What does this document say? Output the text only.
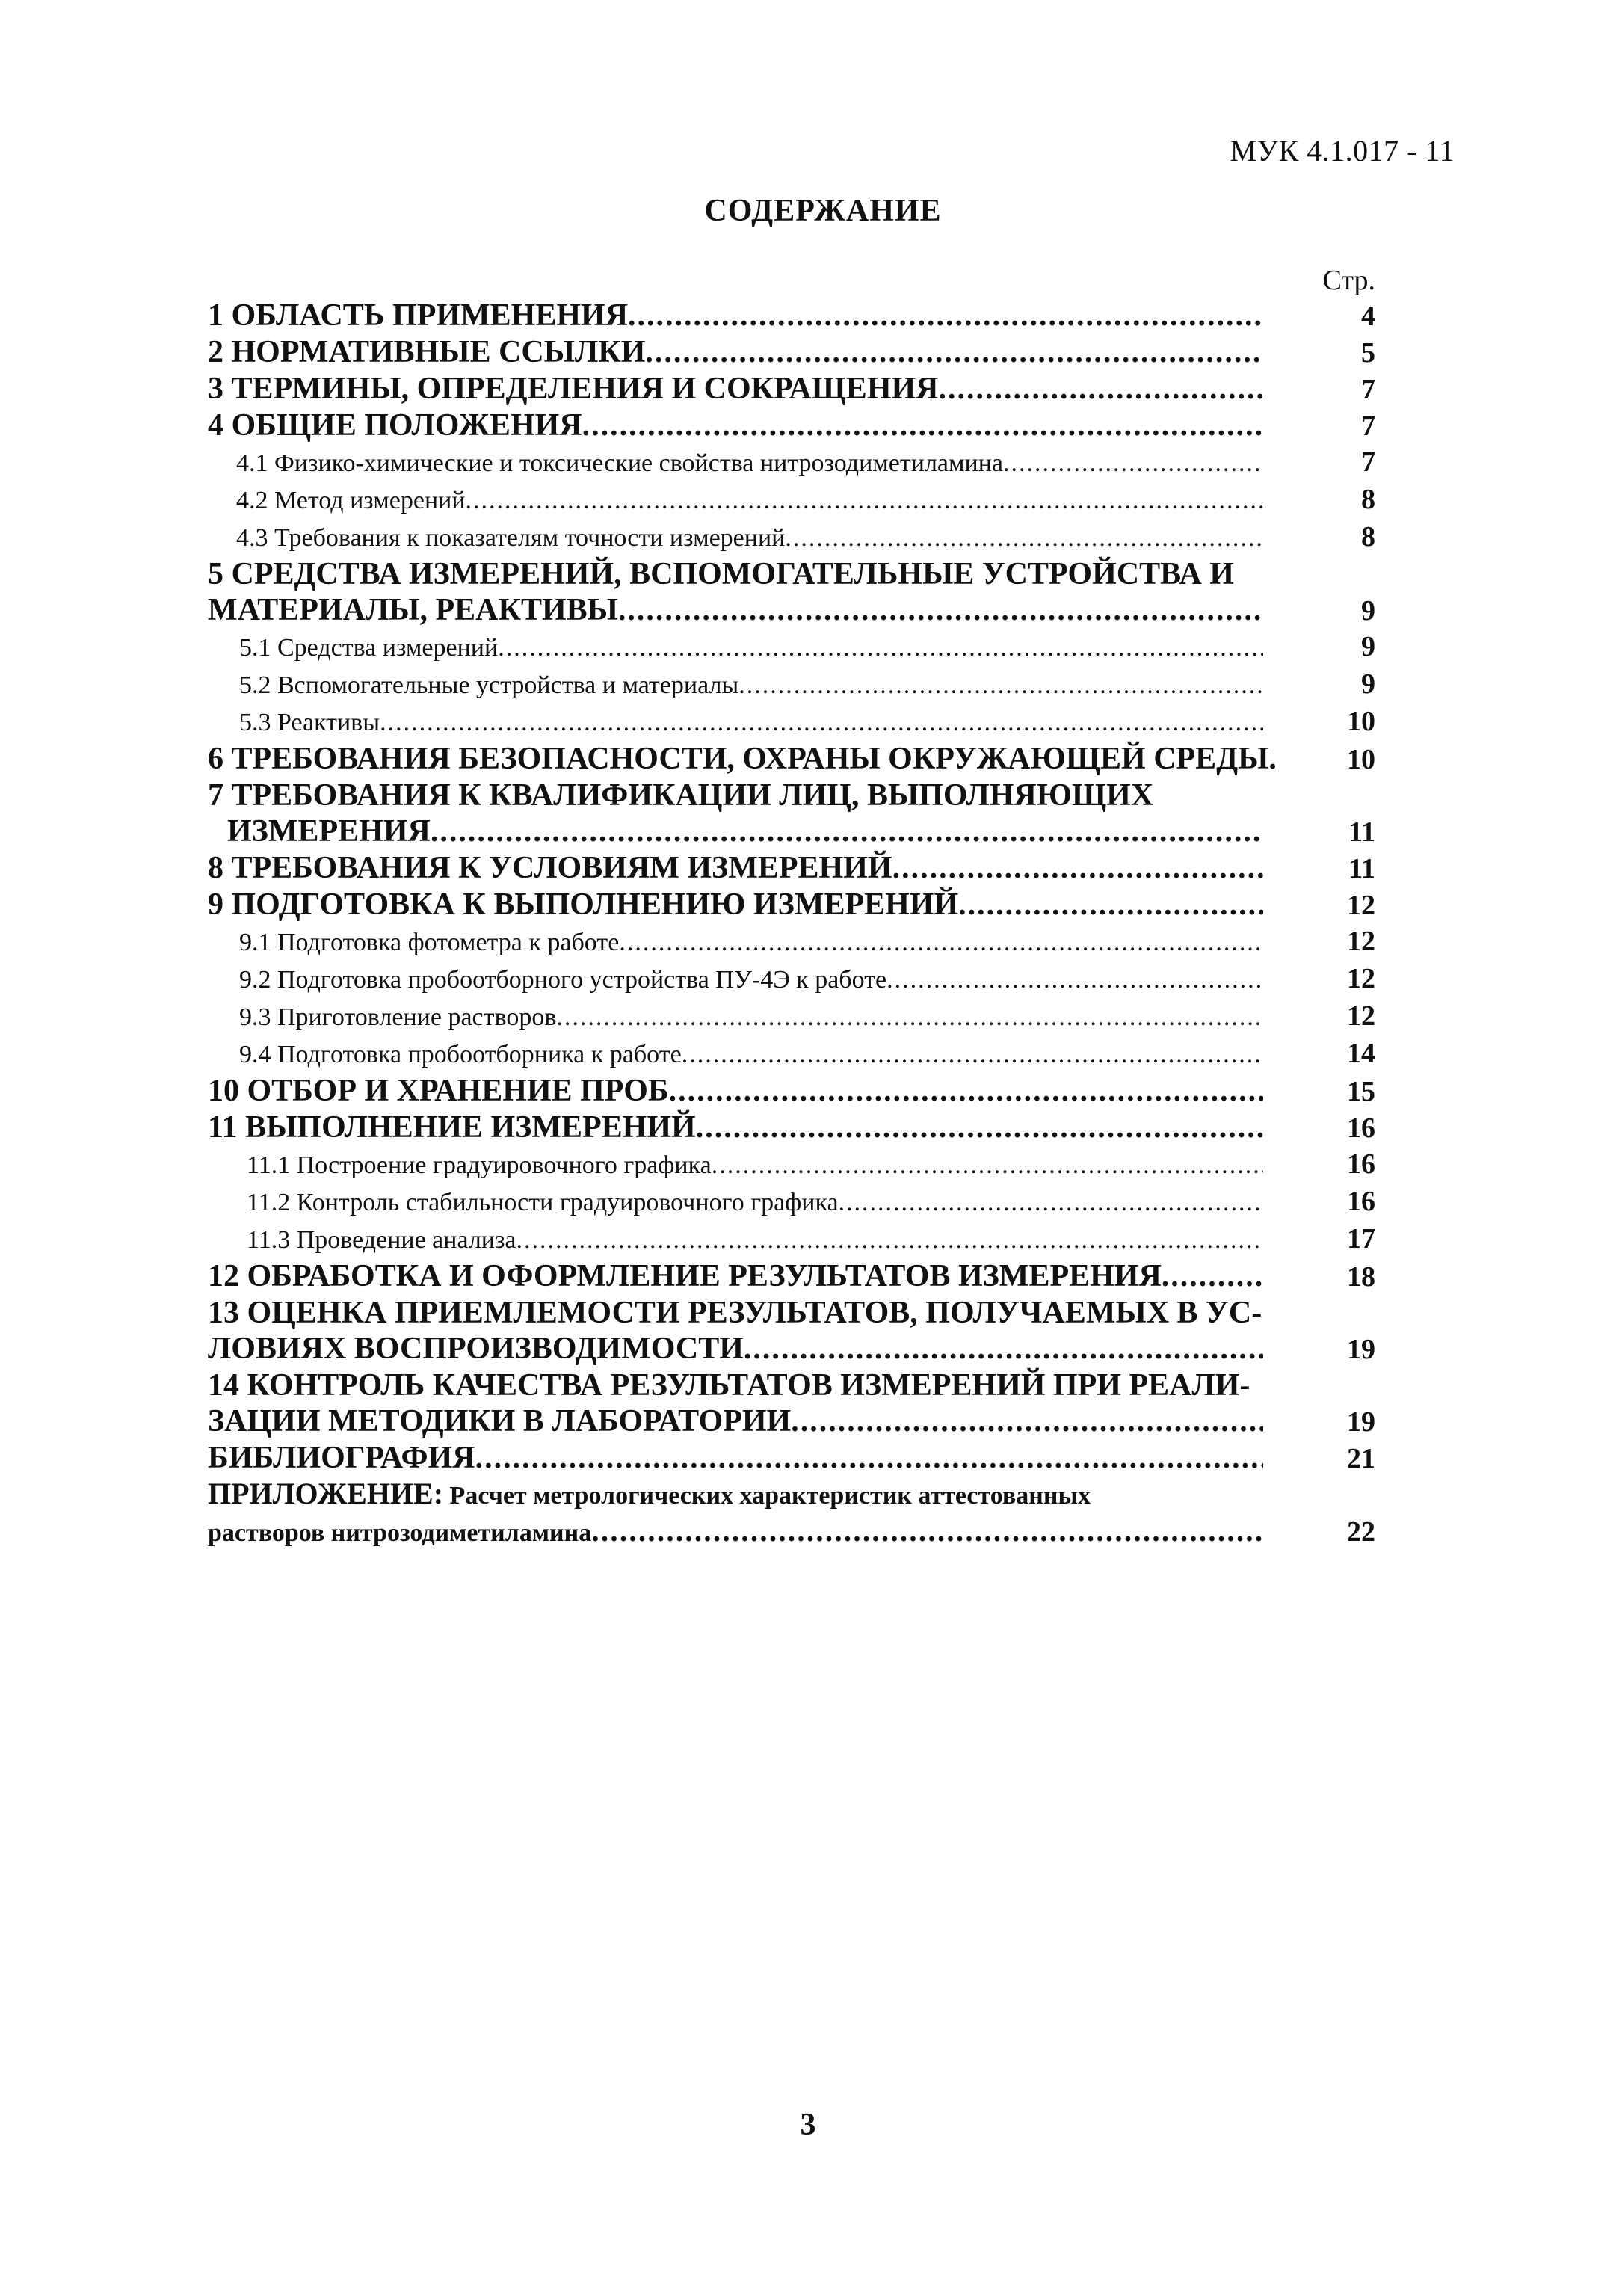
МУК 4.1.017 - 11
СОДЕРЖАНИЕ
Стр.
1 ОБЛАСТЬ ПРИМЕНЕНИЯ .....	4
2 НОРМАТИВНЫЕ ССЫЛКИ .....	5
3 ТЕРМИНЫ, ОПРЕДЕЛЕНИЯ И СОКРАЩЕНИЯ .....	7
4 ОБЩИЕ ПОЛОЖЕНИЯ .....	7
4.1 Физико-химические и токсические свойства нитрозодиметиламина .....	7
4.2 Метод измерений .....	8
4.3 Требования к показателям точности измерений .....	8
5 СРЕДСТВА ИЗМЕРЕНИЙ, ВСПОМОГАТЕЛЬНЫЕ УСТРОЙСТВА И
МАТЕРИАЛЫ, РЕАКТИВЫ .....	9
5.1 Средства измерений .....	9
5.2 Вспомогательные устройства и материалы .....	9
5.3 Реактивы .....	10
6 ТРЕБОВАНИЯ БЕЗОПАСНОСТИ, ОХРАНЫ ОКРУЖАЮЩЕЙ СРЕДЫ.	10
7 ТРЕБОВАНИЯ К КВАЛИФИКАЦИИ ЛИЦ, ВЫПОЛНЯЮЩИХ
ИЗМЕРЕНИЯ .....	11
8 ТРЕБОВАНИЯ К УСЛОВИЯМ ИЗМЕРЕНИЙ .....	11
9 ПОДГОТОВКА К ВЫПОЛНЕНИЮ ИЗМЕРЕНИЙ .....	12
9.1 Подготовка фотометра к работе .....	12
9.2 Подготовка пробоотборного устройства ПУ-4Э к работе .....	12
9.3 Приготовление растворов .....	12
9.4 Подготовка пробоотборника к работе .....	14
10 ОТБОР И ХРАНЕНИЕ ПРОБ .....	15
11 ВЫПОЛНЕНИЕ ИЗМЕРЕНИЙ .....	16
11.1 Построение градуировочного графика .....	16
11.2 Контроль стабильности градуировочного графика .....	16
11.3 Проведение анализа .....	17
12 ОБРАБОТКА И ОФОРМЛЕНИЕ РЕЗУЛЬТАТОВ ИЗМЕРЕНИЯ .....	18
13 ОЦЕНКА ПРИЕМЛЕМОСТИ РЕЗУЛЬТАТОВ, ПОЛУЧАЕМЫХ В УС-
ЛОВИЯХ ВОСПРОИЗВОДИМОСТИ .....	19
14 КОНТРОЛЬ КАЧЕСТВА РЕЗУЛЬТАТОВ ИЗМЕРЕНИЙ ПРИ РЕАЛИ-
ЗАЦИИ МЕТОДИКИ В ЛАБОРАТОРИИ .....	19
БИБЛИОГРАФИЯ .....	21
ПРИЛОЖЕНИЕ: Расчет метрологических характеристик аттестованных
растворов нитрозодиметиламина .....	22
3
